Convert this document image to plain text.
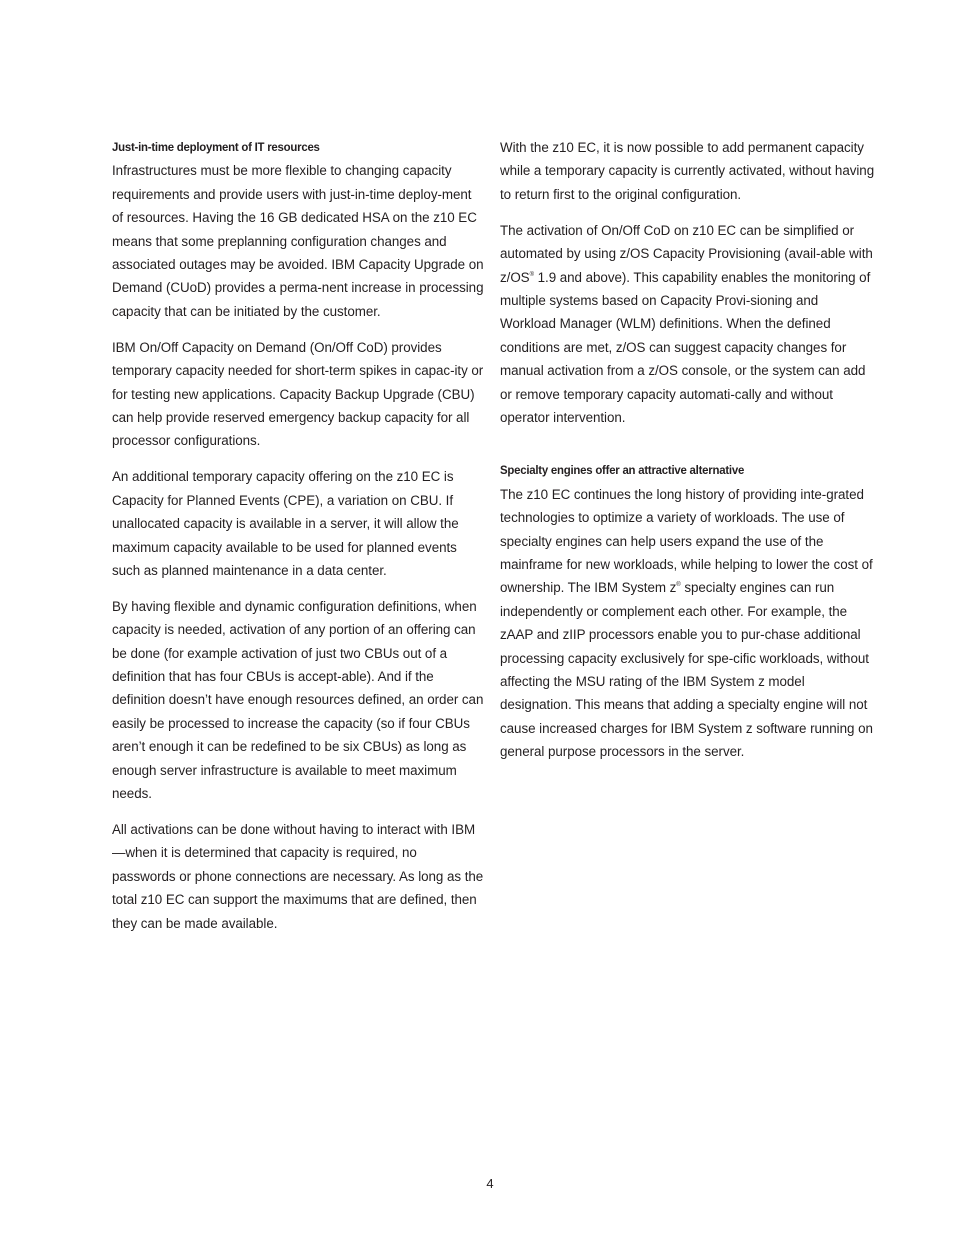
Just-in-time deployment of IT resources

Infrastructures must be more flexible to changing capacity requirements and provide users with just-in-time deploy-ment of resources. Having the 16 GB dedicated HSA on the z10 EC means that some preplanning configuration changes and associated outages may be avoided. IBM Capacity Upgrade on Demand (CUoD) provides a perma-nent increase in processing capacity that can be initiated by the customer.

IBM On/Off Capacity on Demand (On/Off CoD) provides temporary capacity needed for short-term spikes in capac-ity or for testing new applications. Capacity Backup Upgrade (CBU) can help provide reserved emergency backup capacity for all processor configurations.

An additional temporary capacity offering on the z10 EC is Capacity for Planned Events (CPE), a variation on CBU. If unallocated capacity is available in a server, it will allow the maximum capacity available to be used for planned events such as planned maintenance in a data center.

By having flexible and dynamic configuration definitions, when capacity is needed, activation of any portion of an offering can be done (for example activation of just two CBUs out of a definition that has four CBUs is accept-able). And if the definition doesn’t have enough resources defined, an order can easily be processed to increase the capacity (so if four CBUs aren’t enough it can be redefined to be six CBUs) as long as enough server infrastructure is available to meet maximum needs.

All activations can be done without having to interact with IBM—when it is determined that capacity is required, no passwords or phone connections are necessary. As long as the total z10 EC can support the maximums that are defined, then they can be made available.

With the z10 EC, it is now possible to add permanent capacity while a temporary capacity is currently activated, without having to return first to the original configuration.

The activation of On/Off CoD on z10 EC can be simplified or automated by using z/OS Capacity Provisioning (avail-able with z/OS® 1.9 and above). This capability enables the monitoring of multiple systems based on Capacity Provi-sioning and Workload Manager (WLM) definitions. When the defined conditions are met, z/OS can suggest capacity changes for manual activation from a z/OS console, or the system can add or remove temporary capacity automati-cally and without operator intervention.

Specialty engines offer an attractive alternative

The z10 EC continues the long history of providing inte-grated technologies to optimize a variety of workloads. The use of specialty engines can help users expand the use of the mainframe for new workloads, while helping to lower the cost of ownership. The IBM System z® specialty engines can run independently or complement each other. For example, the zAAP and zIIP processors enable you to pur-chase additional processing capacity exclusively for spe-cific workloads, without affecting the MSU rating of the IBM System z model designation. This means that adding a specialty engine will not cause increased charges for IBM System z software running on general purpose processors in the server.

4
